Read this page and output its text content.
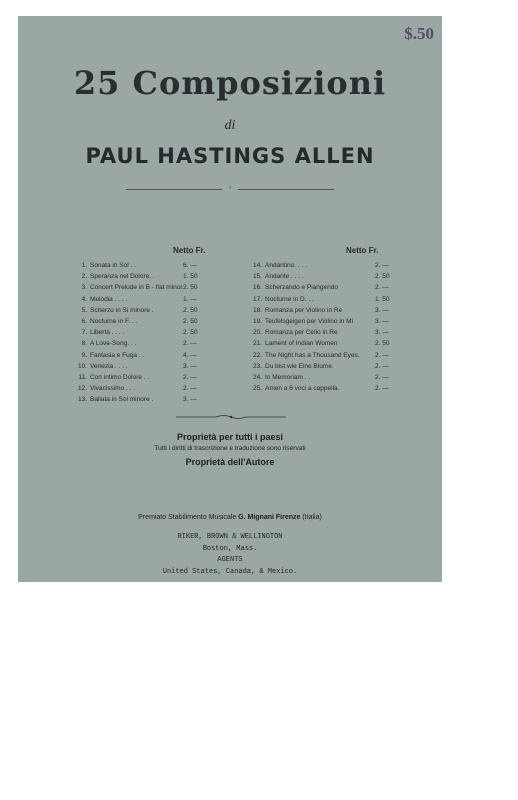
$.50
25 Composizioni
di
PAUL HASTINGS ALLEN
◦
Netto Fr.
1. Sonata in Sol . .	6. —
2. Speranza nel Dolore. .	1. 50
3. Concert Prelude in B - flat minor 2. 50
4. Melodia . . . .	1. —
5. Scherzo in Si minore .	2. 50
6. Nocturne in F. . .	2. 50
7. Libertà . . . .	2. 50
8. A Love-Song. . .	2. —
9. Fantasia e Fuga . .	4. —
10. Venezia . . . .	3. —
11. Con intimo Dolore . .	2. —
12. Vivacissimo . . .	2. —
13. Ballata in Sol minore .	3. —
Netto Fr.
14. Andantino. . . .	2. —
15. Andante . . . .	2. 50
16. Scherzando e Piangendo	2. —
17. Nocturne in D. . .	1. 50
18. Romanza per Violino in Re	3. —
19. Teufelsgeigen per Violino in Mi	3. —
20. Romanza per Cello in Re	3. —
21. Lament of Indian Women	2. 50
22. The Night has a Thousand Eyes. 2. —
23. Du bist wie Eine Blume.	2. —
24. In Memoriam . .	2. —
25. Amen a 6 voci a cappella.	2. —
Proprietà per tutti i paesi
Tutti i diritti di trascrizione e traduzione sono riservati
Proprietà dell'Autore
Premiato Stabilimento Musicale G. Mignani Firenze (Italia)
RIKER, BROWN & WELLINGTON
Boston, Mass.
AGENTS
United States, Canada, & Mexico.
